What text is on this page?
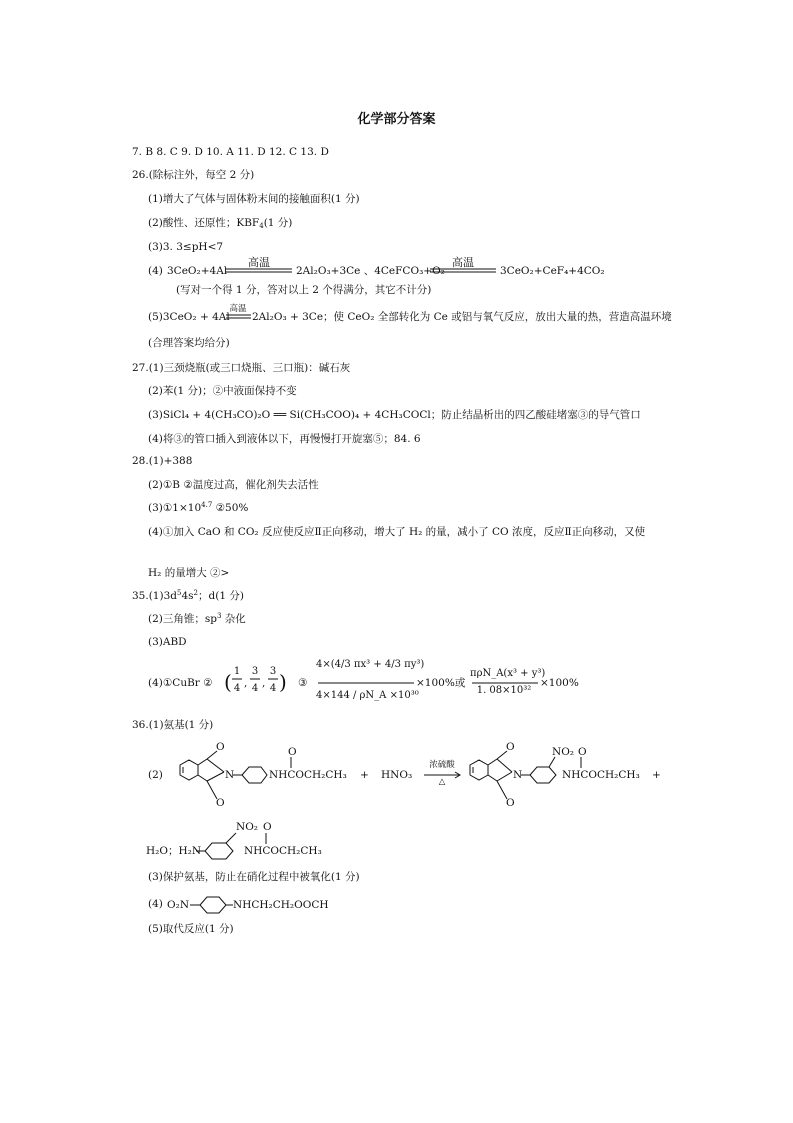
化学部分答案
7. B 8. C 9. D 10. A 11. D 12. C 13. D
26.(除标注外，每空 2 分)
(1)增大了气体与固体粉末间的接触面积(1 分)
(2)酸性、还原性；$KBF_4(1$ 分)
(3)3. 3≤pH<7
(4) 3CeO₂+4Al
高温
2Al₂O₃+3Ce 、4CeFCO₃+O₂
高温
3CeO₂+CeF₄+4CO₂
(写对一个得 1 分，答对以上 2 个得满分，其它不计分)
(5)3CeO₂ + 4Al
高温
2Al₂O₃ + 3Ce；使 CeO₂ 全部转化为 Ce 或铝与氧气反应，放出大量的热，营造高温环境
(合理答案均给分)
27.(1)三颈烧瓶(或三口烧瓶、三口瓶)：碱石灰
(2)苯(1 分)；②中液面保持不变
(3)SiCl₄ + 4(CH₃CO)₂O ══ Si(CH₃COO)₄ + 4CH₃COCl；防止结晶析出的四乙酸硅堵塞③的导气管口
(4)将③的管口插入到液体以下，再慢慢打开旋塞⑤；84. 6
28.(1)+388
(2)①B ②温度过高，催化剂失去活性
$(3)①1\times 10^{4.7}$ ②50%
(4)①加入 CaO 和 CO₂ 反应使反应Ⅱ正向移动，增大了 H₂ 的量，减小了 CO 浓度，反应Ⅱ正向移动，又使
H₂ 的量增大 ②>
$35.(1)3d^54s^2$；d(1 分)
(2)三角锥；$sp^3$ 杂化
(3)ABD
(4)①CuBr ② ( 1
4 ,
3
4 ,
3
4 ) ③
4×(4/3 πx³ + 4/3 πy³)
4×144 / ρN_A ×10³⁰
×100%或
πρN_A(x³ + y³)
1. 08×10³²
×100%
36.(1)氨基(1 分)
(2)
O
O
N
O
NHCOCH₂CH₃ + HNO₃
浓硫酸
△
O
O
N
NO₂ O
NHCOCH₂CH₃ +
H₂O；H₂N
NO₂ O
NHCOCH₂CH₃
(3)保护氨基，防止在硝化过程中被氧化(1 分)
(4) O₂N	NHCH₂CH₂OOCH
(5)取代反应(1 分)
